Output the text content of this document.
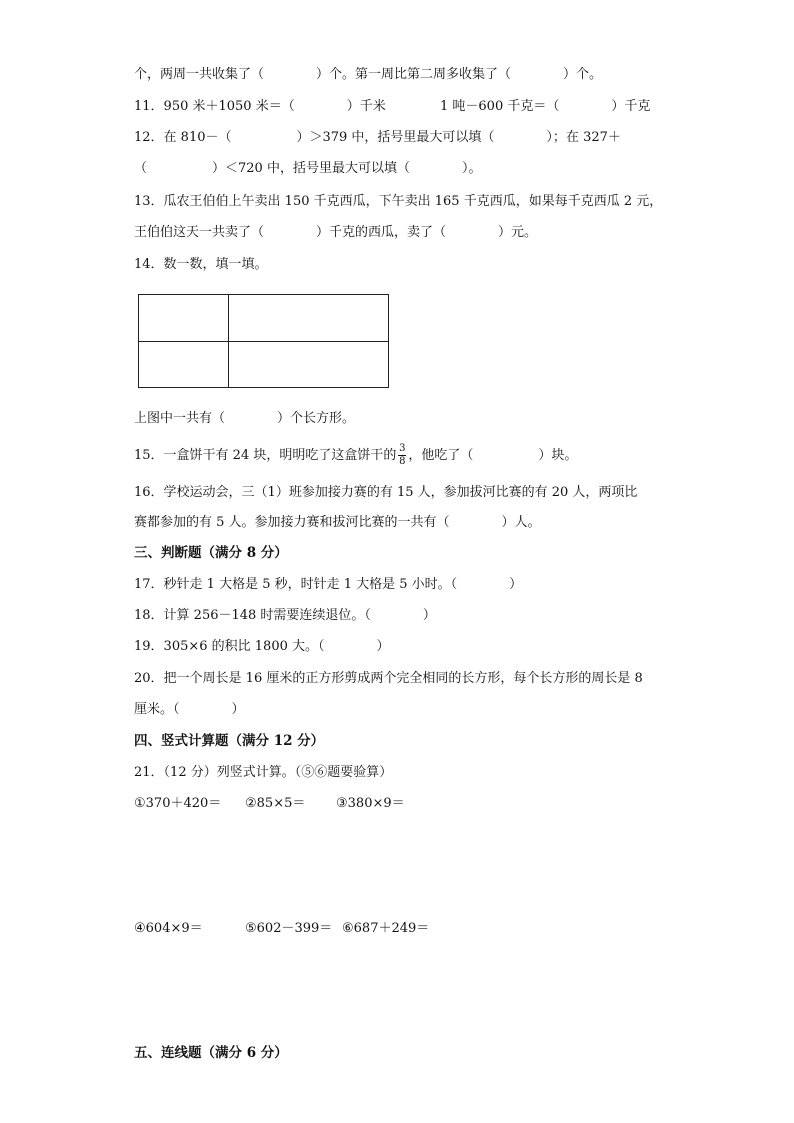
个，两周一共收集了（　　　　）个。第一周比第二周多收集了（　　　　）个。
11．950 米＋1050 米＝（　　　　）千米	1 吨－600 千克＝（　　　　）千克
12．在 810－（　　　　　）＞379 中，括号里最大可以填（　　　　）；在 327＋
（　　　　　）＜720 中，括号里最大可以填（　　　　）。
13．瓜农王伯伯上午卖出 150 千克西瓜，下午卖出 165 千克西瓜，如果每千克西瓜 2 元，
王伯伯这天一共卖了（　　　　）千克的西瓜，卖了（　　　　）元。
14．数一数，填一填。
上图中一共有（　　　　）个长方形。
15．一盒饼干有 24 块，明明吃了这盒饼干的 $\frac{3}{8}$ ，他吃了（　　　　　）块。
16．学校运动会，三（1）班参加接力赛的有 15 人，参加拔河比赛的有 20 人，两项比
赛都参加的有 5 人。参加接力赛和拔河比赛的一共有（　　　　）人。
三、判断题（满分 8 分）
17．秒针走 1 大格是 5 秒，时针走 1 大格是 5 小时。（　　　　）
18．计算 256－148 时需要连续退位。（　　　　）
19．305×6 的积比 1800 大。（　　　　）
20．把一个周长是 16 厘米的正方形剪成两个完全相同的长方形，每个长方形的周长是 8
厘米。（　　　　）
四、竖式计算题（满分 12 分）
21．（12 分）列竖式计算。（⑤⑥题要验算）
①370＋420＝ ②85×5＝ ③380×9＝
④604×9＝	⑤602－399＝ ⑥687＋249＝
五、连线题（满分 6 分）
